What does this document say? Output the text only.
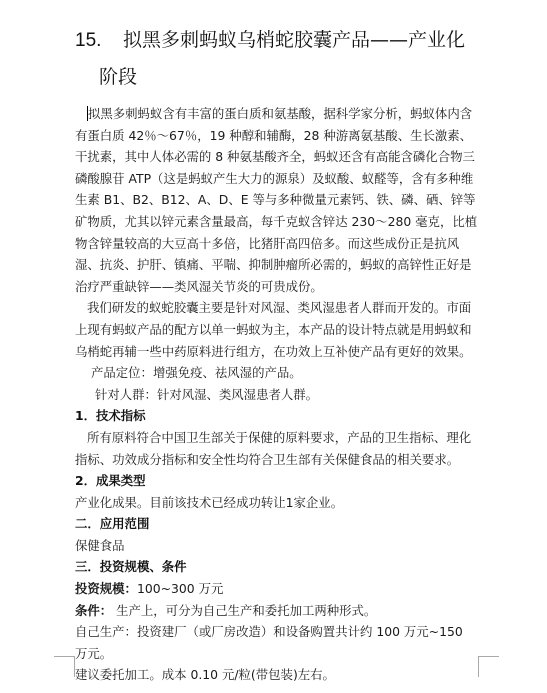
15. 拟黑多刺蚂蚁乌梢蛇胶囊产品——产业化
阶段

拟黑多刺蚂蚁含有丰富的蛋白质和氨基酸，据科学家分析，蚂蚁体内含有蛋白质 42％～67％，19 种醇和辅酶，28 种游离氨基酸、生长激素、干扰素，其中人体必需的 8 种氨基酸齐全，蚂蚁还含有高能含磷化合物三磷酸腺苷 ATP（这是蚂蚁产生大力的源泉）及蚁酸、蚁醛等，含有多种维生素 B1、B2、B12、A、D、E 等与多种微量元素钙、铁、磷、硒、锌等矿物质，尤其以锌元素含量最高，每千克蚁含锌达 230～280 毫克，比植物含锌量较高的大豆高十多倍，比猪肝高四倍多。而这些成份正是抗风湿、抗炎、护肝、镇痛、平喘、抑制肿瘤所必需的，蚂蚁的高锌性正好是治疗严重缺锌——类风湿关节炎的可贵成份。

我们研发的蚁蛇胶囊主要是针对风湿、类风湿患者人群而开发的。市面上现有蚂蚁产品的配方以单一蚂蚁为主，本产品的设计特点就是用蚂蚁和乌梢蛇再辅一些中药原料进行组方，在功效上互补使产品有更好的效果。

产品定位：增强免疫、祛风湿的产品。

针对人群：针对风湿、类风湿患者人群。

1．技术指标

所有原料符合中国卫生部关于保健的原料要求，产品的卫生指标、理化指标、功效成分指标和安全性均符合卫生部有关保健食品的相关要求。

2．成果类型

产业化成果。目前该技术已经成功转让1家企业。

二．应用范围

保健食品

三．投资规模、条件

投资规模：100~300 万元

条件： 生产上，可分为自己生产和委托加工两种形式。

自己生产：投资建厂（或厂房改造）和设备购置共计约 100 万元~150 万元。

建议委托加工。成本 0.10 元/粒(带包装)左右。
